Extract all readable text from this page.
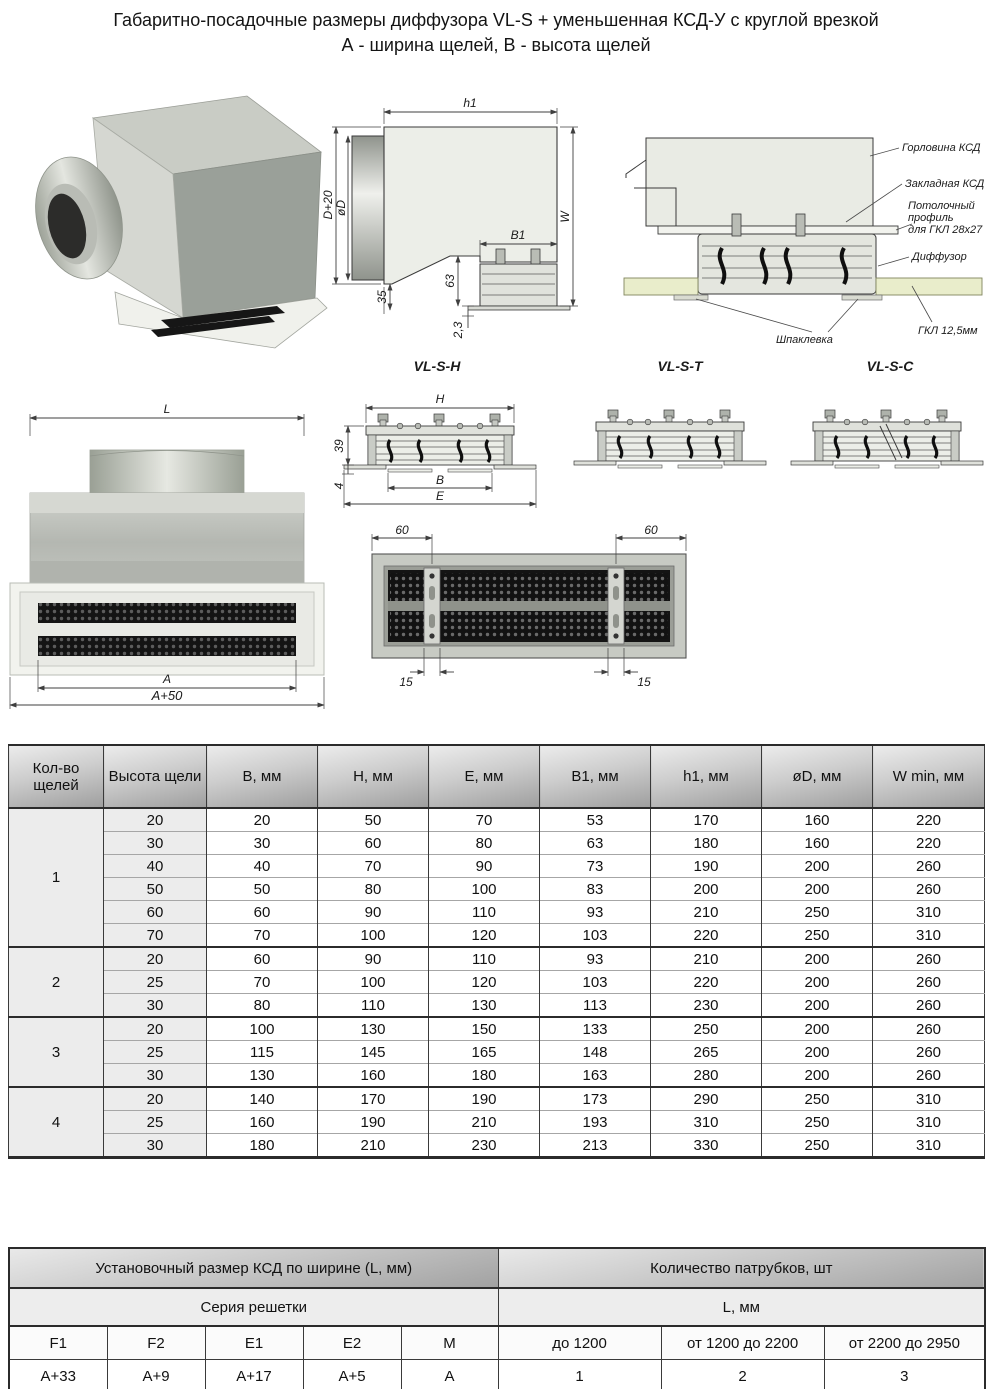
Габаритно-посадочные размеры диффузора VL-S + уменьшенная КСД-У с круглой врезкой
А - ширина щелей, В - высота щелей
h1
W
D+20 øD
B1
63
35
2,3
Горловина КСД
Закладная КСД
Потолочный
профиль
для ГКЛ 28х27
Диффузор
ГКЛ 12,5мм
Шпаклевка
VL-S-H	VL-S-T	VL-S-C
H
39
4	B
E
L
A
A+50
60	60
15	15
Кол-во щелей	Высота щели	В, мм	Н, мм	Е, мм	В1, мм	h1, мм	øD, мм	W min, мм
1	20	20	50	70	53	170	160	220
	30	30	60	80	63	180	160	220
	40	40	70	90	73	190	200	260
	50	50	80	100	83	200	200	260
	60	60	90	110	93	210	250	310
	70	70	100	120	103	220	250	310
2	20	60	90	110	93	210	200	260
	25	70	100	120	103	220	200	260
	30	80	110	130	113	230	200	260
3	20	100	130	150	133	250	200	260
	25	115	145	165	148	265	200	260
	30	130	160	180	163	280	200	260
4	20	140	170	190	173	290	250	310
	25	160	190	210	193	310	250	310
	30	180	210	230	213	330	250	310
Установочный размер КСД по ширине (L, мм)					Количество патрубков, шт		
Серия решетки					L, мм		
F1	F2	E1	E2	M	до 1200	от 1200 до 2200	от 2200 до 2950
A+33	A+9	A+17	A+5	A	1	2	3
